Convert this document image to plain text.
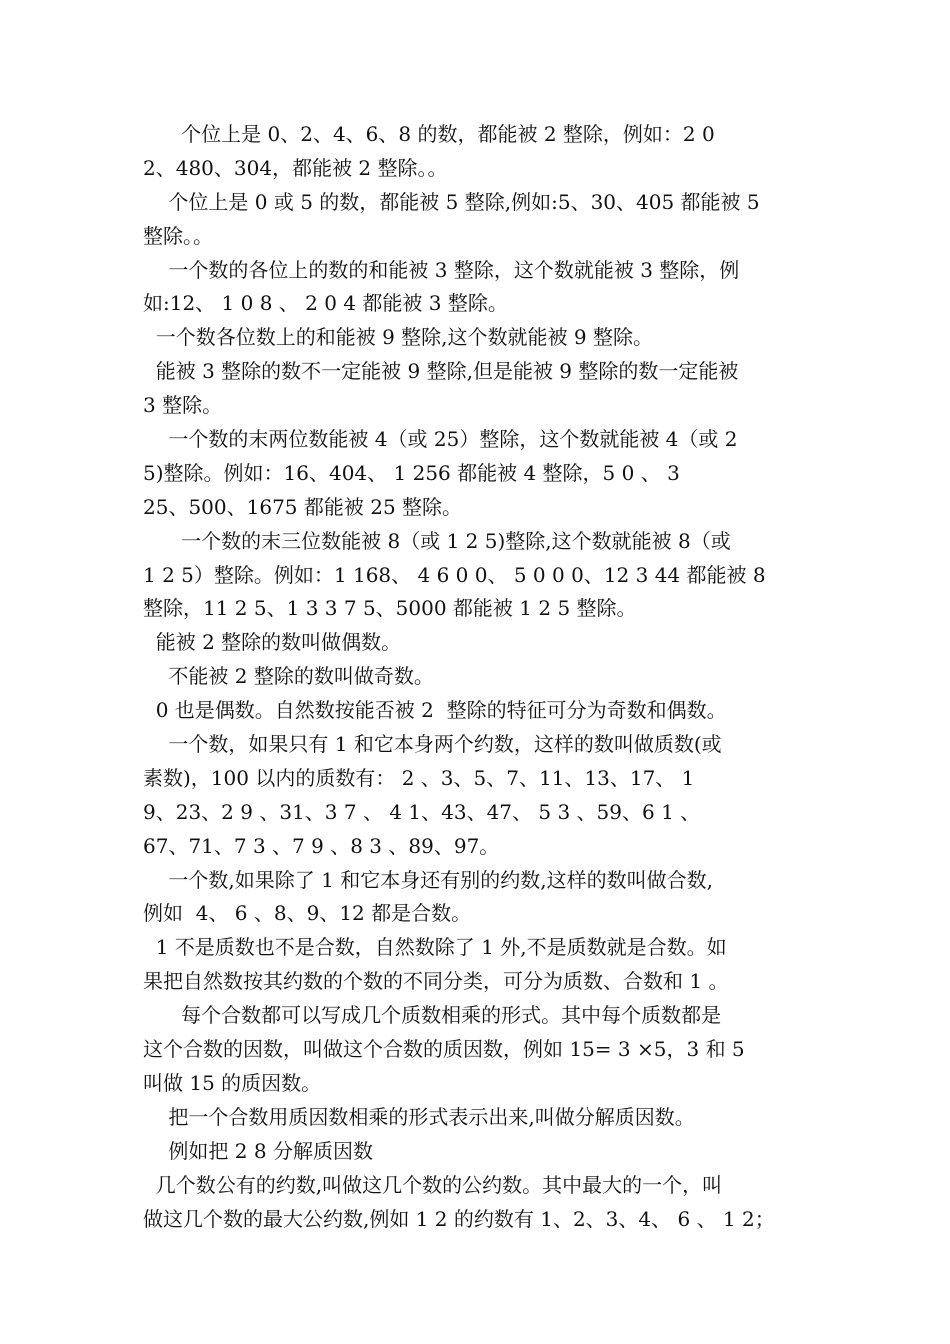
个位上是 0、2、4、6、8 的数，都能被 2 整除，例如：2 0
2、480、304，都能被 2 整除。。
个位上是 0 或 5 的数，都能被 5 整除,例如:5、30、405 都能被 5
整除。。
一个数的各位上的数的和能被 3 整除，这个数就能被 3 整除，例
如:12、 1 0 8 、 2 0 4 都能被 3 整除。
一个数各位数上的和能被 9 整除,这个数就能被 9 整除。
能被 3 整除的数不一定能被 9 整除,但是能被 9 整除的数一定能被
3 整除。
一个数的末两位数能被 4（或 25）整除，这个数就能被 4（或 2
5)整除。例如：16、404、 1 256 都能被 4 整除，5 0 、 3
25、500、1675 都能被 25 整除。
一个数的末三位数能被 8（或 1 2 5)整除,这个数就能被 8（或
1 2 5）整除。例如：1 168、 4 6 0 0、 5 0 0 0、12 3 44 都能被 8
整除，11 2 5、1 3 3 7 5、5000 都能被 1 2 5 整除。
能被 2 整除的数叫做偶数。
不能被 2 整除的数叫做奇数。
0 也是偶数。自然数按能否被 2  整除的特征可分为奇数和偶数。
一个数，如果只有 1 和它本身两个约数，这样的数叫做质数(或
素数)，100 以内的质数有： 2 、3、5、7、11、13、17、 1
9、23、2 9 、31、3 7 、 4 1、43、47、 5 3 、59、6 1 、
67、71、7 3 、7 9 、8 3 、89、97。
一个数,如果除了 1 和它本身还有别的约数,这样的数叫做合数,
例如  4、 6 、8、9、12 都是合数。
1 不是质数也不是合数，自然数除了 1 外,不是质数就是合数。如
果把自然数按其约数的个数的不同分类，可分为质数、合数和 1 。
每个合数都可以写成几个质数相乘的形式。其中每个质数都是
这个合数的因数，叫做这个合数的质因数，例如 15= 3 ×5，3 和 5
叫做 15 的质因数。
把一个合数用质因数相乘的形式表示出来,叫做分解质因数。
例如把 2 8 分解质因数
几个数公有的约数,叫做这几个数的公约数。其中最大的一个，叫
做这几个数的最大公约数,例如 1 2 的约数有 1、2、3、4、 6 、 1 2；
